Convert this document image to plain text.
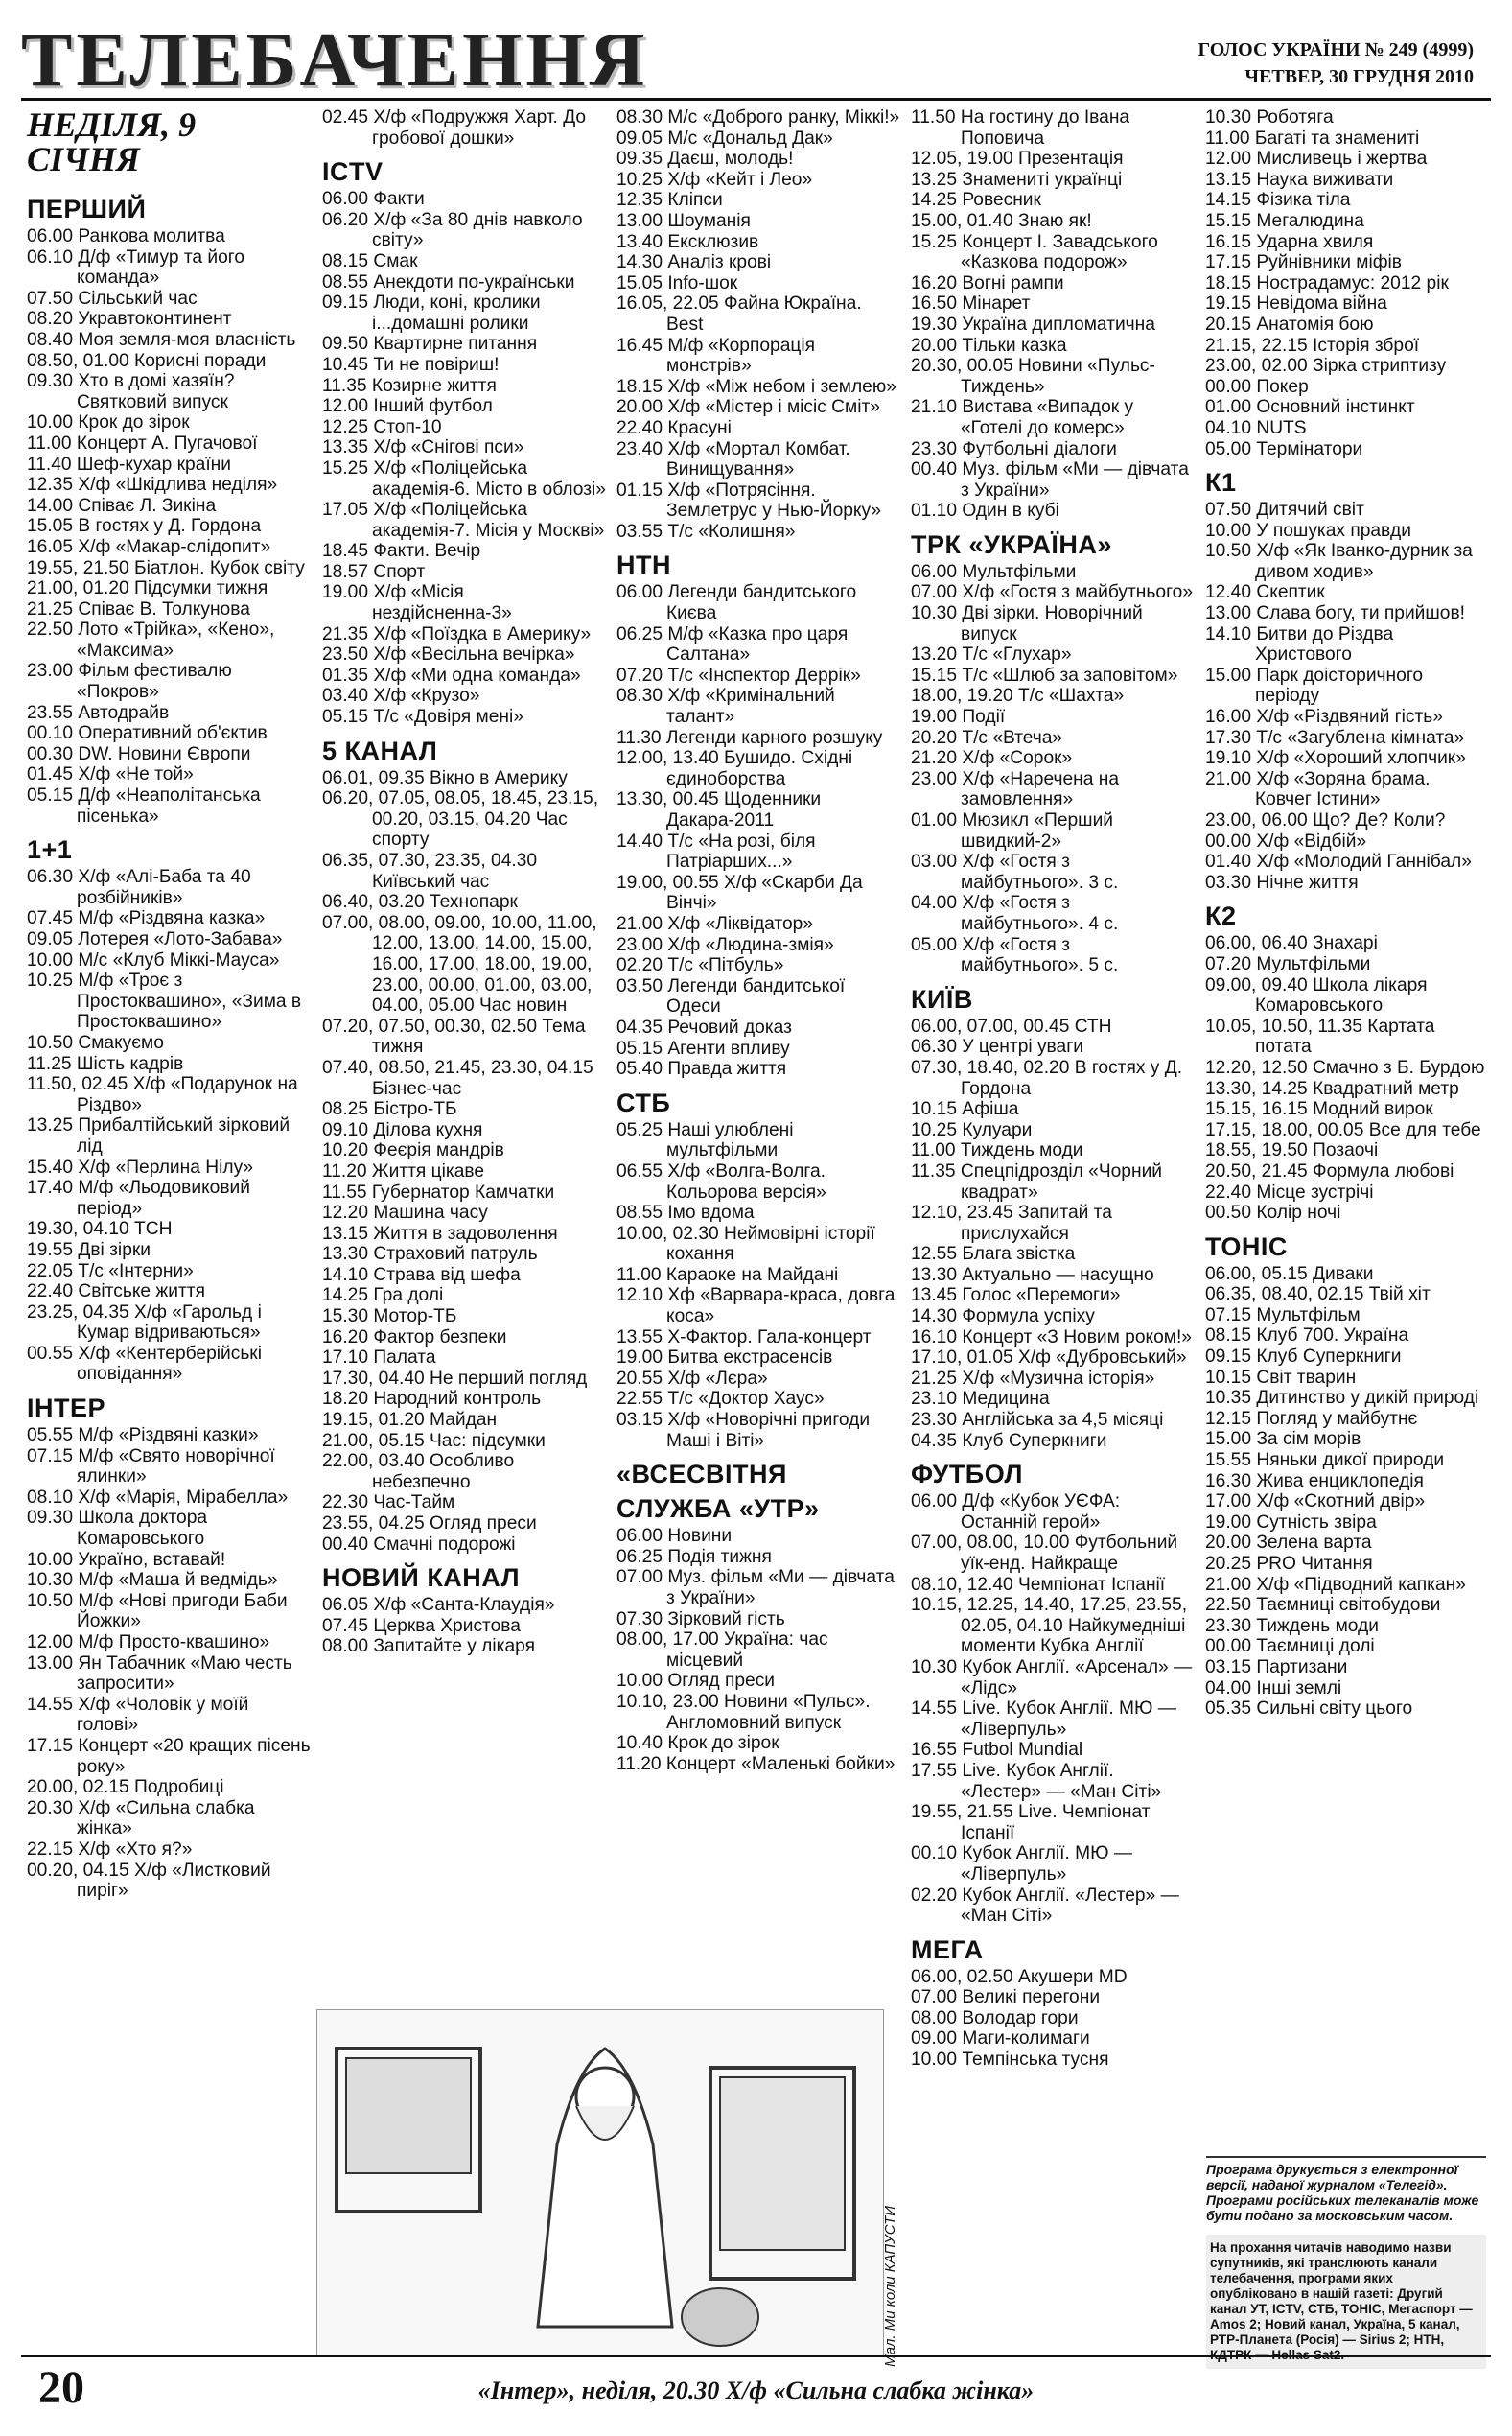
ТЕЛЕБАЧЕННЯ	ГОЛОС УКРАЇНИ № 249 (4999)
ЧЕТВЕР, 30 ГРУДНЯ 2010
НЕДІЛЯ, 9 СІЧНЯ
ПЕРШИЙ
06.00 Ранкова молитва
06.10 Д/ф «Тимур та його команда»
07.50 Сільський час
08.20 Укравтоконтинент
08.40 Моя земля-моя власність
08.50, 01.00 Корисні поради
09.30 Хто в домі хазяїн? Святковий випуск
10.00 Крок до зірок
11.00 Концерт А. Пугачової
11.40 Шеф-кухар країни
12.35 Х/ф «Шкідлива неділя»
14.00 Співає Л. Зикіна
15.05 В гостях у Д. Гордона
16.05 Х/ф «Макар-слідопит»
19.55, 21.50 Біатлон. Кубок світу
21.00, 01.20 Підсумки тижня
21.25 Співає В. Толкунова
22.50 Лото «Трійка», «Кено», «Максима»
23.00 Фільм фестивалю «Покров»
23.55 Автодрайв
00.10 Оперативний об'єктив
00.30 DW. Новини Європи
01.45 Х/ф «Не той»
05.15 Д/ф «Неаполітанська пісенька»
1+1
06.30 Х/ф «Алі-Баба та 40 розбійників»
07.45 М/ф «Різдвяна казка»
09.05 Лотерея «Лото-Забава»
10.00 М/с «Клуб Міккі-Мауса»
10.25 М/ф «Троє з Простоквашино», «Зима в Простоквашино»
10.50 Смакуємо
11.25 Шість кадрів
11.50, 02.45 Х/ф «Подарунок на Різдво»
13.25 Прибалтійський зірковий лід
15.40 Х/ф «Перлина Нілу»
17.40 М/ф «Льодовиковий період»
19.30, 04.10 ТСН
19.55 Дві зірки
22.05 Т/с «Інтерни»
22.40 Світське життя
23.25, 04.35 Х/ф «Гарольд і Кумар відриваються»
00.55 Х/ф «Кентерберійські оповідання»
ІНТЕР
05.55 М/ф «Різдвяні казки»
07.15 М/ф «Свято новорічної ялинки»
08.10 Х/ф «Марія, Мірабелла»
09.30 Школа доктора Комаровського
10.00 Україно, вставай!
10.30 М/ф «Маша й ведмідь»
10.50 М/ф «Нові пригоди Баби Йожки»
12.00 М/ф Просто-квашино»
13.00 Ян Табачник «Маю честь запросити»
14.55 Х/ф «Чоловік у моїй голові»
17.15 Концерт «20 кращих пісень року»
20.00, 02.15 Подробиці
20.30 Х/ф «Сильна слабка жінка»
22.15 Х/ф «Хто я?»
00.20, 04.15 Х/ф «Листковий пиріг»
02.45 Х/ф «Подружжя Харт. До гробової дошки»
ICTV
06.00 Факти
06.20 Х/ф «За 80 днів навколо світу»
08.15 Смак
08.55 Анекдоти по-українськи
09.15 Люди, коні, кролики і...домашні ролики
09.50 Квартирне питання
10.45 Ти не повіриш!
11.35 Козирне життя
12.00 Інший футбол
12.25 Стоп-10
13.35 Х/ф «Снігові пси»
15.25 Х/ф «Поліцейська академія-6. Місто в облозі»
17.05 Х/ф «Поліцейська академія-7. Місія у Москві»
18.45 Факти. Вечір
18.57 Спорт
19.00 Х/ф «Місія нездійсненна-3»
21.35 Х/ф «Поїздка в Америку»
23.50 Х/ф «Весільна вечірка»
01.35 Х/ф «Ми одна команда»
03.40 Х/ф «Крузо»
05.15 Т/с «Довіря мені»
5 КАНАЛ
06.01, 09.35 Вікно в Америку
06.20, 07.05, 08.05, 18.45, 23.15, 00.20, 03.15, 04.20 Час спорту
06.35, 07.30, 23.35, 04.30 Київський час
06.40, 03.20 Технопарк
07.00, 08.00, 09.00, 10.00, 11.00, 12.00, 13.00, 14.00, 15.00, 16.00, 17.00, 18.00, 19.00, 23.00, 00.00, 01.00, 03.00, 04.00, 05.00 Час новин
07.20, 07.50, 00.30, 02.50 Тема тижня
07.40, 08.50, 21.45, 23.30, 04.15 Бізнес-час
08.25 Бістро-ТБ
09.10 Ділова кухня
10.20 Феєрія мандрів
11.20 Життя цікаве
11.55 Губернатор Камчатки
12.20 Машина часу
13.15 Життя в задоволення
13.30 Страховий патруль
14.10 Страва від шефа
14.25 Гра долі
15.30 Мотор-ТБ
16.20 Фактор безпеки
17.10 Палата
17.30, 04.40 Не перший погляд
18.20 Народний контроль
19.15, 01.20 Майдан
21.00, 05.15 Час: підсумки
22.00, 03.40 Особливо небезпечно
22.30 Час-Тайм
23.55, 04.25 Огляд преси
00.40 Смачні подорожі
НОВИЙ КАНАЛ
06.05 Х/ф «Санта-Клаудія»
07.45 Церква Христова
08.00 Запитайте у лікаря
08.30 М/с «Доброго ранку, Міккі!»
09.05 М/с «Дональд Дак»
09.35 Даєш, молодь!
10.25 Х/ф «Кейт і Лео»
12.35 Кліпси
13.00 Шоуманія
13.40 Ексклюзив
14.30 Аналіз крові
15.05 Info-шок
16.05, 22.05 Файна Юкраїна. Best
16.45 М/ф «Корпорація монстрів»
18.15 Х/ф «Між небом і землею»
20.00 Х/ф «Містер і місіс Сміт»
22.40 Красуні
23.40 Х/ф «Мортал Комбат. Винищування»
01.15 Х/ф «Потрясіння. Землетрус у Нью-Йорку»
03.55 Т/с «Колишня»
НТН
06.00 Легенди бандитського Києва
06.25 М/ф «Казка про царя Салтана»
07.20 Т/с «Інспектор Деррік»
08.30 Х/ф «Кримінальний талант»
11.30 Легенди карного розшуку
12.00, 13.40 Бушидо. Східні єдиноборства
13.30, 00.45 Щоденники Дакара-2011
14.40 Т/с «На розі, біля Патріарших...»
19.00, 00.55 Х/ф «Скарби Да Вінчі»
21.00 Х/ф «Ліквідатор»
23.00 Х/ф «Людина-змія»
02.20 Т/с «Пітбуль»
03.50 Легенди бандитської Одеси
04.35 Речовий доказ
05.15 Агенти впливу
05.40 Правда життя
СТБ
05.25 Наші улюблені мультфільми
06.55 Х/ф «Волга-Волга. Кольорова версія»
08.55 Імо вдома
10.00, 02.30 Неймовірні історії кохання
11.00 Караоке на Майдані
12.10 Хф «Варвара-краса, довга коса»
13.55 Х-Фактор. Гала-концерт
19.00 Битва екстрасенсів
20.55 Х/ф «Лєра»
22.55 Т/с «Доктор Хаус»
03.15 Х/ф «Новорічні пригоди Маші і Віті»
«ВСЕСВІТНЯ СЛУЖБА «УТР»
06.00 Новини
06.25 Подія тижня
07.00 Муз. фільм «Ми — дівчата з України»
07.30 Зірковий гість
08.00, 17.00 Україна: час місцевий
10.00 Огляд преси
10.10, 23.00 Новини «Пульс». Англомовний випуск
10.40 Крок до зірок
11.20 Концерт «Маленькі бойки»
11.50 На гостину до Івана Поповича
12.05, 19.00 Презентація
13.25 Знамениті українці
14.25 Ровесник
15.00, 01.40 Знаю як!
15.25 Концерт І. Завадського «Казкова подорож»
16.20 Вогні рампи
16.50 Мінарет
19.30 Україна дипломатична
20.00 Тільки казка
20.30, 00.05 Новини «Пульс-Тиждень»
21.10 Вистава «Випадок у «Готелі до комерс»
23.30 Футбольні діалоги
00.40 Муз. фільм «Ми — дівчата з України»
01.10 Один в кубі
ТРК «УКРАЇНА»
06.00 Мультфільми
07.00 Х/ф «Гостя з майбутнього»
10.30 Дві зірки. Новорічний випуск
13.20 Т/с «Глухар»
15.15 Т/с «Шлюб за заповітом»
18.00, 19.20 Т/с «Шахта»
19.00 Події
20.20 Т/с «Втеча»
21.20 Х/ф «Сорок»
23.00 Х/ф «Наречена на замовлення»
01.00 Мюзикл «Перший швидкий-2»
03.00 Х/ф «Гостя з майбутнього». 3 с.
04.00 Х/ф «Гостя з майбутнього». 4 с.
05.00 Х/ф «Гостя з майбутнього». 5 с.
КИЇВ
06.00, 07.00, 00.45 СТН
06.30 У центрі уваги
07.30, 18.40, 02.20 В гостях у Д. Гордона
10.15 Афіша
10.25 Кулуари
11.00 Тиждень моди
11.35 Спецпідрозділ «Чорний квадрат»
12.10, 23.45 Запитай та прислухайся
12.55 Блага звістка
13.30 Актуально — насущно
13.45 Голос «Перемоги»
14.30 Формула успіху
16.10 Концерт «З Новим роком!»
17.10, 01.05 Х/ф «Дубровський»
21.25 Х/ф «Музична історія»
23.10 Медицина
23.30 Англійська за 4,5 місяці
04.35 Клуб Суперкниги
ФУТБОЛ
06.00 Д/ф «Кубок УЄФА: Останній герой»
07.00, 08.00, 10.00 Футбольний уїк-енд. Найкраще
08.10, 12.40 Чемпіонат Іспанії
10.15, 12.25, 14.40, 17.25, 23.55, 02.05, 04.10 Найкумедніші моменти Кубка Англії
10.30 Кубок Англії. «Арсенал» — «Лідс»
14.55 Live. Кубок Англії. МЮ — «Ліверпуль»
16.55 Futbol Mundial
17.55 Live. Кубок Англії. «Лестер» — «Ман Сіті»
19.55, 21.55 Live. Чемпіонат Іспанії
00.10 Кубок Англії. МЮ — «Ліверпуль»
02.20 Кубок Англії. «Лестер» — «Ман Сіті»
МЕГА
06.00, 02.50 Акушери MD
07.00 Великі перегони
08.00 Володар гори
09.00 Маги-колимаги
10.00 Темпінська тусня
10.30 Роботяга
11.00 Багаті та знамениті
12.00 Мисливець і жертва
13.15 Наука виживати
14.15 Фізика тіла
15.15 Мегалюдина
16.15 Ударна хвиля
17.15 Руйнівники міфів
18.15 Нострадамус: 2012 рік
19.15 Невідома війна
20.15 Анатомія бою
21.15, 22.15 Історія зброї
23.00, 02.00 Зірка стриптизу
00.00 Покер
01.00 Основний інстинкт
04.10 NUTS
05.00 Термінатори
К1
07.50 Дитячий світ
10.00 У пошуках правди
10.50 Х/ф «Як Іванко-дурник за дивом ходив»
12.40 Скептик
13.00 Слава богу, ти прийшов!
14.10 Битви до Різдва Христового
15.00 Парк доісторичного періоду
16.00 Х/ф «Різдвяний гість»
17.30 Т/с «Загублена кімната»
19.10 Х/ф «Хороший хлопчик»
21.00 Х/ф «Зоряна брама. Ковчег Істини»
23.00, 06.00 Що? Де? Коли?
00.00 Х/ф «Відбій»
01.40 Х/ф «Молодий Ганнібал»
03.30 Нічне життя
К2
06.00, 06.40 Знахарі
07.20 Мультфільми
09.00, 09.40 Школа лікаря Комаровського
10.05, 10.50, 11.35 Картата потата
12.20, 12.50 Смачно з Б. Бурдою
13.30, 14.25 Квадратний метр
15.15, 16.15 Модний вирок
17.15, 18.00, 00.05 Все для тебе
18.55, 19.50 Позаочі
20.50, 21.45 Формула любові
22.40 Місце зустрічі
00.50 Колір ночі
ТОНІС
06.00, 05.15 Диваки
06.35, 08.40, 02.15 Твій хіт
07.15 Мультфільм
08.15 Клуб 700. Україна
09.15 Клуб Суперкниги
10.15 Світ тварин
10.35 Дитинство у дикій природі
12.15 Погляд у майбутнє
15.00 За сім морів
15.55 Няньки дикої природи
16.30 Жива енциклопедія
17.00 Х/ф «Скотний двір»
19.00 Сутність звіра
20.00 Зелена варта
20.25 PRO Читання
21.00 Х/ф «Підводний капкан»
22.50 Таємниці світобудови
23.30 Тиждень моди
00.00 Таємниці долі
03.15 Партизани
04.00 Інші землі
05.35 Сильні світу цього
Мал. Ми коли КАПУСТИ
Програма друкується з електронної версії, наданої журналом «Телегід». Програми російських телеканалів може бути подано за московським часом.
На прохання читачів наводимо назви супутників, які транслюють канали телебачення, програми яких опубліковано в нашій газеті: Другий канал УТ, ICTV, СТБ, ТОНІС, Мегаспорт — Amos 2; Новий канал, Україна, 5 канал, РТР-Планета (Росія) — Sirius 2; НТН, КДТРК — Hellas Sat2.
20	«Інтер», неділя, 20.30 Х/ф «Сильна слабка жінка»
